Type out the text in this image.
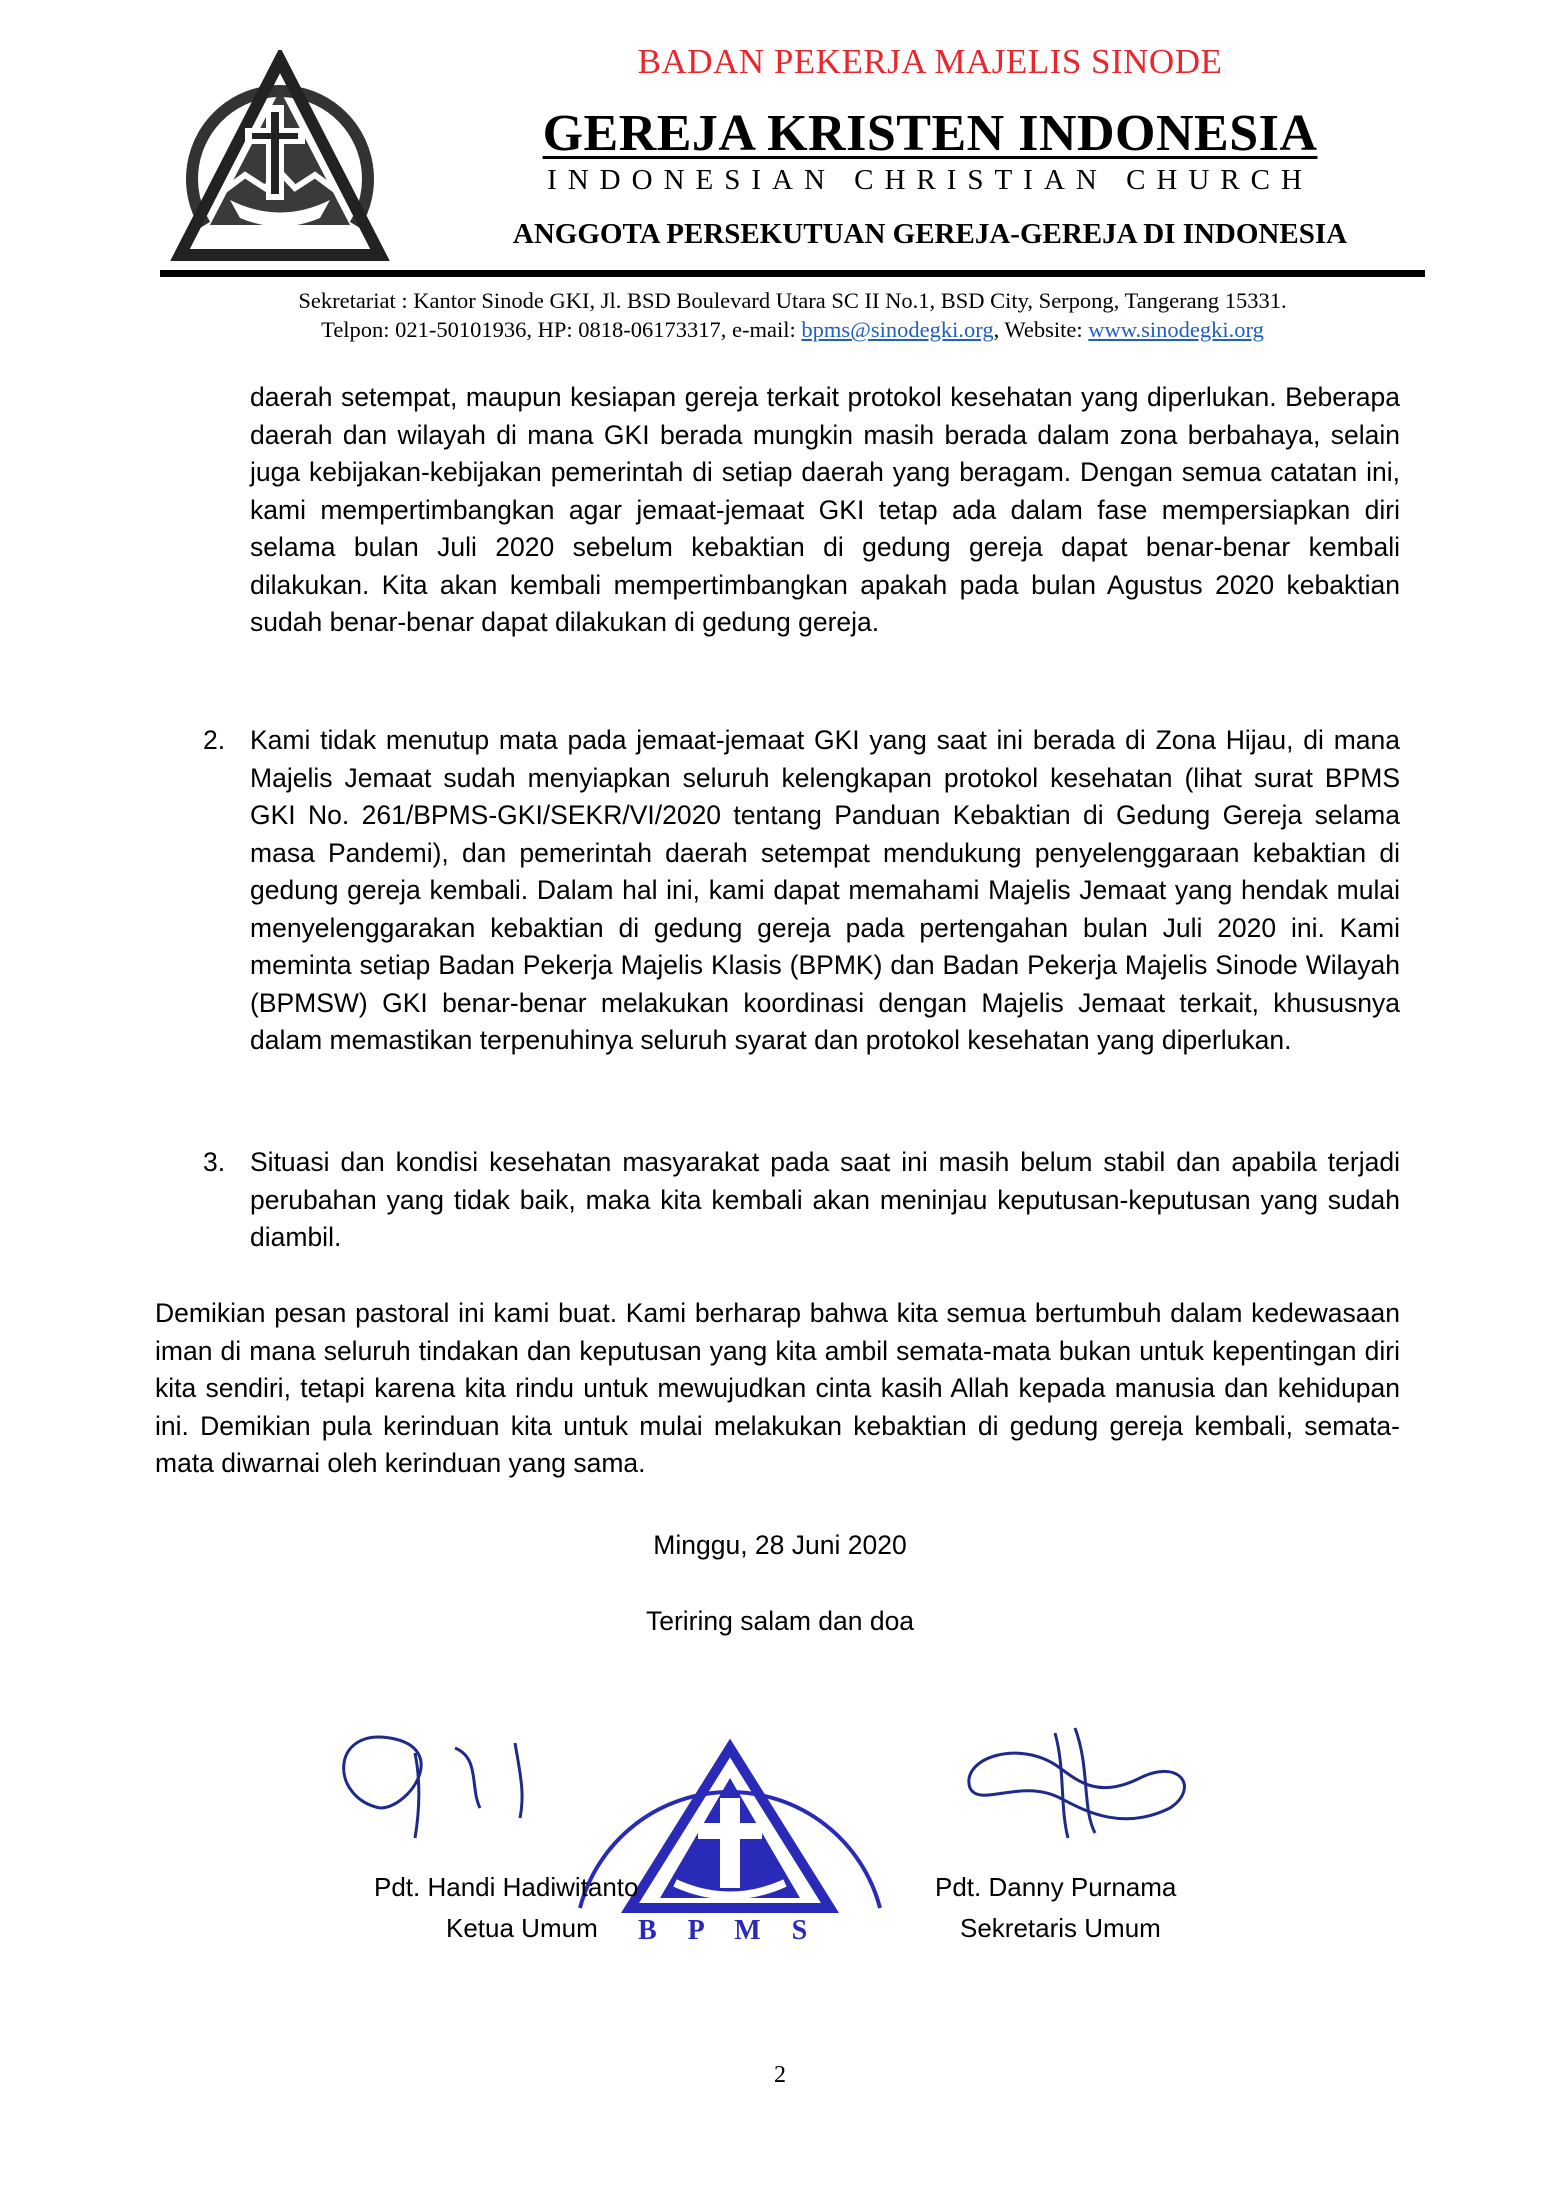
BADAN PEKERJA MAJELIS SINODE
GEREJA KRISTEN INDONESIA
INDONESIAN CHRISTIAN CHURCH
ANGGOTA PERSEKUTUAN GEREJA-GEREJA DI INDONESIA
Sekretariat : Kantor Sinode GKI, Jl. BSD Boulevard Utara SC II No.1, BSD City, Serpong, Tangerang 15331.
Telpon: 021-50101936, HP: 0818-06173317, e-mail: bpms@sinodegki.org, Website: www.sinodegki.org
daerah setempat, maupun kesiapan gereja terkait protokol kesehatan yang diperlukan. Beberapa daerah dan wilayah di mana GKI berada mungkin masih berada dalam zona berbahaya, selain juga kebijakan-kebijakan pemerintah di setiap daerah yang beragam. Dengan semua catatan ini, kami mempertimbangkan agar jemaat-jemaat GKI tetap ada dalam fase mempersiapkan diri selama bulan Juli 2020 sebelum kebaktian di gedung gereja dapat benar-benar kembali dilakukan. Kita akan kembali mempertimbangkan apakah pada bulan Agustus 2020 kebaktian sudah benar-benar dapat dilakukan di gedung gereja.
2. Kami tidak menutup mata pada jemaat-jemaat GKI yang saat ini berada di Zona Hijau, di mana Majelis Jemaat sudah menyiapkan seluruh kelengkapan protokol kesehatan (lihat surat BPMS GKI No. 261/BPMS-GKI/SEKR/VI/2020 tentang Panduan Kebaktian di Gedung Gereja selama masa Pandemi), dan pemerintah daerah setempat mendukung penyelenggaraan kebaktian di gedung gereja kembali. Dalam hal ini, kami dapat memahami Majelis Jemaat yang hendak mulai menyelenggarakan kebaktian di gedung gereja pada pertengahan bulan Juli 2020 ini. Kami meminta setiap Badan Pekerja Majelis Klasis (BPMK) dan Badan Pekerja Majelis Sinode Wilayah (BPMSW) GKI benar-benar melakukan koordinasi dengan Majelis Jemaat terkait, khususnya dalam memastikan terpenuhinya seluruh syarat dan protokol kesehatan yang diperlukan.
3. Situasi dan kondisi kesehatan masyarakat pada saat ini masih belum stabil dan apabila terjadi perubahan yang tidak baik, maka kita kembali akan meninjau keputusan-keputusan yang sudah diambil.
Demikian pesan pastoral ini kami buat. Kami berharap bahwa kita semua bertumbuh dalam kedewasaan iman di mana seluruh tindakan dan keputusan yang kita ambil semata-mata bukan untuk kepentingan diri kita sendiri, tetapi karena kita rindu untuk mewujudkan cinta kasih Allah kepada manusia dan kehidupan ini. Demikian pula kerinduan kita untuk mulai melakukan kebaktian di gedung gereja kembali, semata-mata diwarnai oleh kerinduan yang sama.
Minggu, 28 Juni 2020
Teriring salam dan doa
Pdt. Handi Hadiwitanto
Ketua Umum
Pdt. Danny Purnama
Sekretaris Umum
B P M S
2
